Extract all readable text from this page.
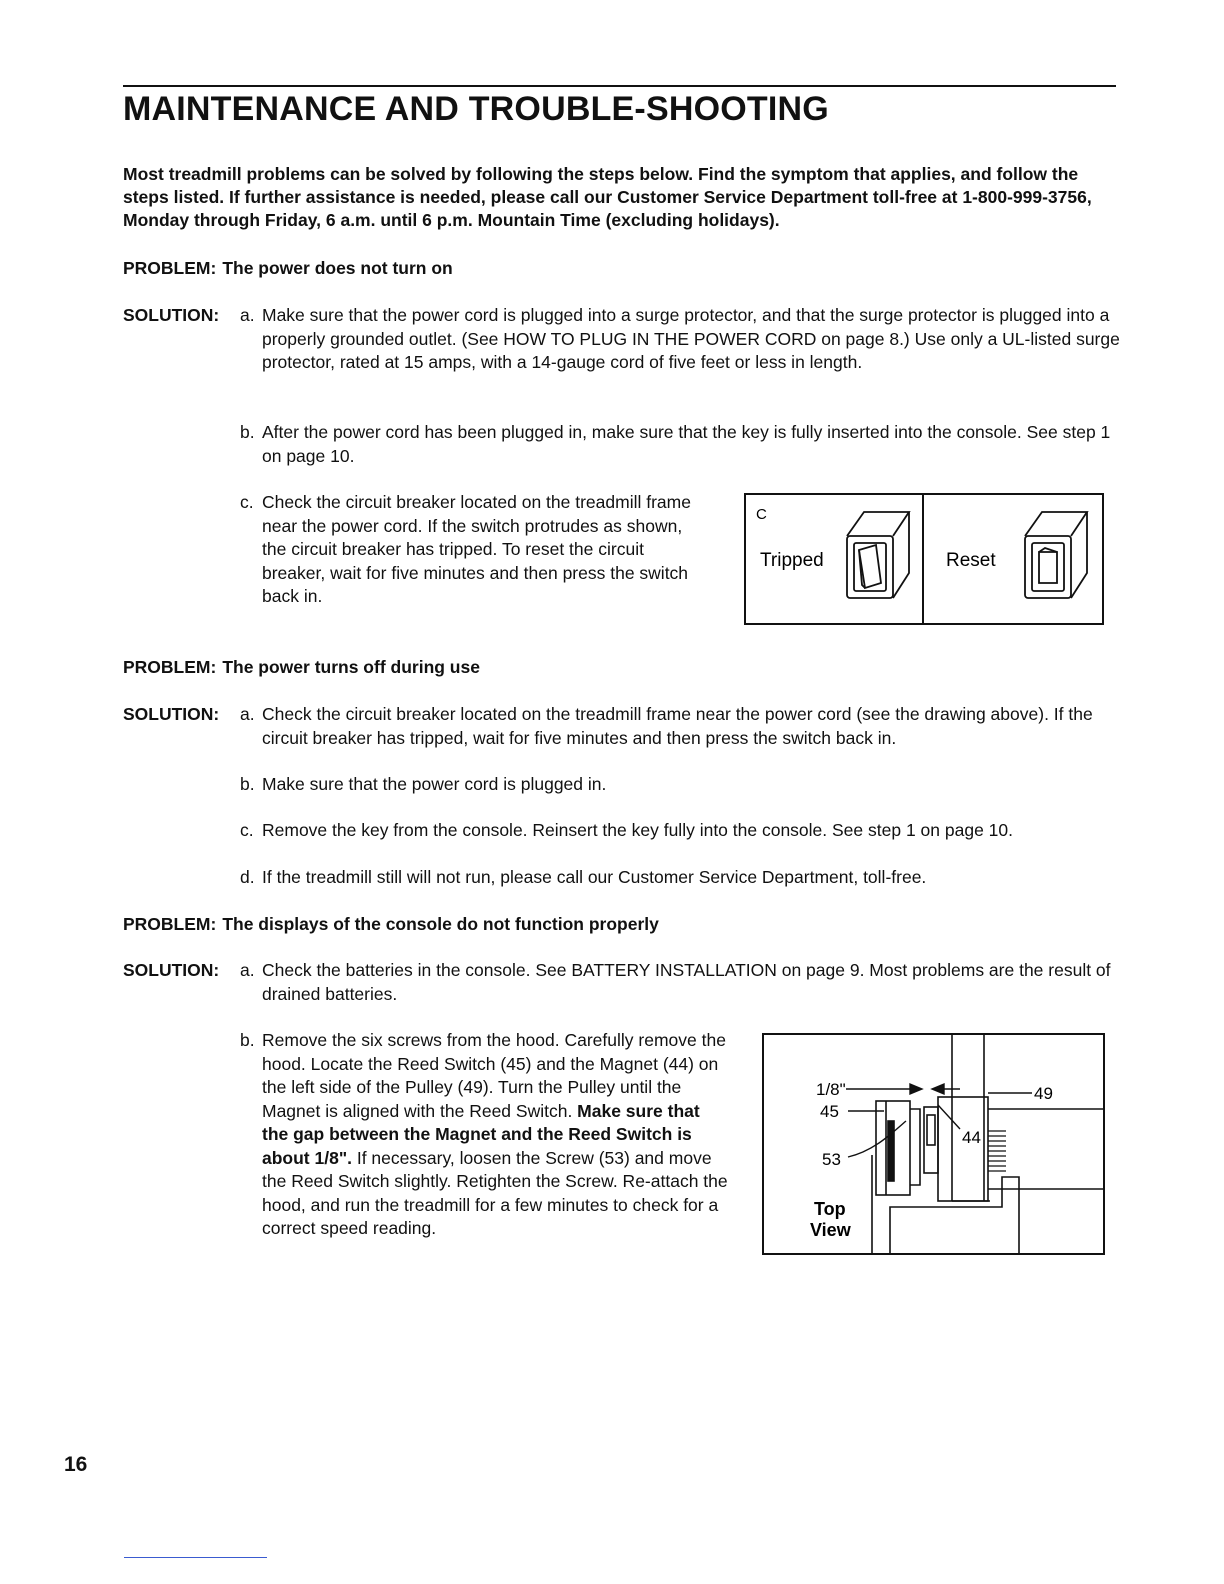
MAINTENANCE AND TROUBLE-SHOOTING

Most treadmill problems can be solved by following the steps below. Find the symptom that applies, and follow the steps listed. If further assistance is needed, please call our Customer Service Department toll-free at 1-800-999-3756, Monday through Friday, 6 a.m. until 6 p.m. Mountain Time (excluding holidays).

PROBLEM: The power does not turn on

SOLUTION: a. Make sure that the power cord is plugged into a surge protector, and that the surge protector is plugged into a properly grounded outlet. (See HOW TO PLUG IN THE POWER CORD on page 8.) Use only a UL-listed surge protector, rated at 15 amps, with a 14-gauge cord of five feet or less in length.
b. After the power cord has been plugged in, make sure that the key is fully inserted into the console. See step 1 on page 10.
c. Check the circuit breaker located on the treadmill frame near the power cord. If the switch protrudes as shown, the circuit breaker has tripped. To reset the circuit breaker, wait for five minutes and then press the switch back in.
C
Tripped	Reset

PROBLEM: The power turns off during use

SOLUTION: a. Check the circuit breaker located on the treadmill frame near the power cord (see the drawing above). If the circuit breaker has tripped, wait for five minutes and then press the switch back in.
b. Make sure that the power cord is plugged in.
c. Remove the key from the console. Reinsert the key fully into the console. See step 1 on page 10.
d. If the treadmill still will not run, please call our Customer Service Department, toll-free.

PROBLEM: The displays of the console do not function properly

SOLUTION: a. Check the batteries in the console. See BATTERY INSTALLATION on page 9. Most problems are the result of drained batteries.
b. Remove the six screws from the hood. Carefully remove the hood. Locate the Reed Switch (45) and the Magnet (44) on the left side of the Pulley (49). Turn the Pulley until the Magnet is aligned with the Reed Switch. Make sure that the gap between the Magnet and the Reed Switch is about 1/8". If necessary, loosen the Screw (53) and move the Reed Switch slightly. Retighten the Screw. Re-attach the hood, and run the treadmill for a few minutes to check for a correct speed reading.
1/8"	49
45
44
53
Top
View
16
